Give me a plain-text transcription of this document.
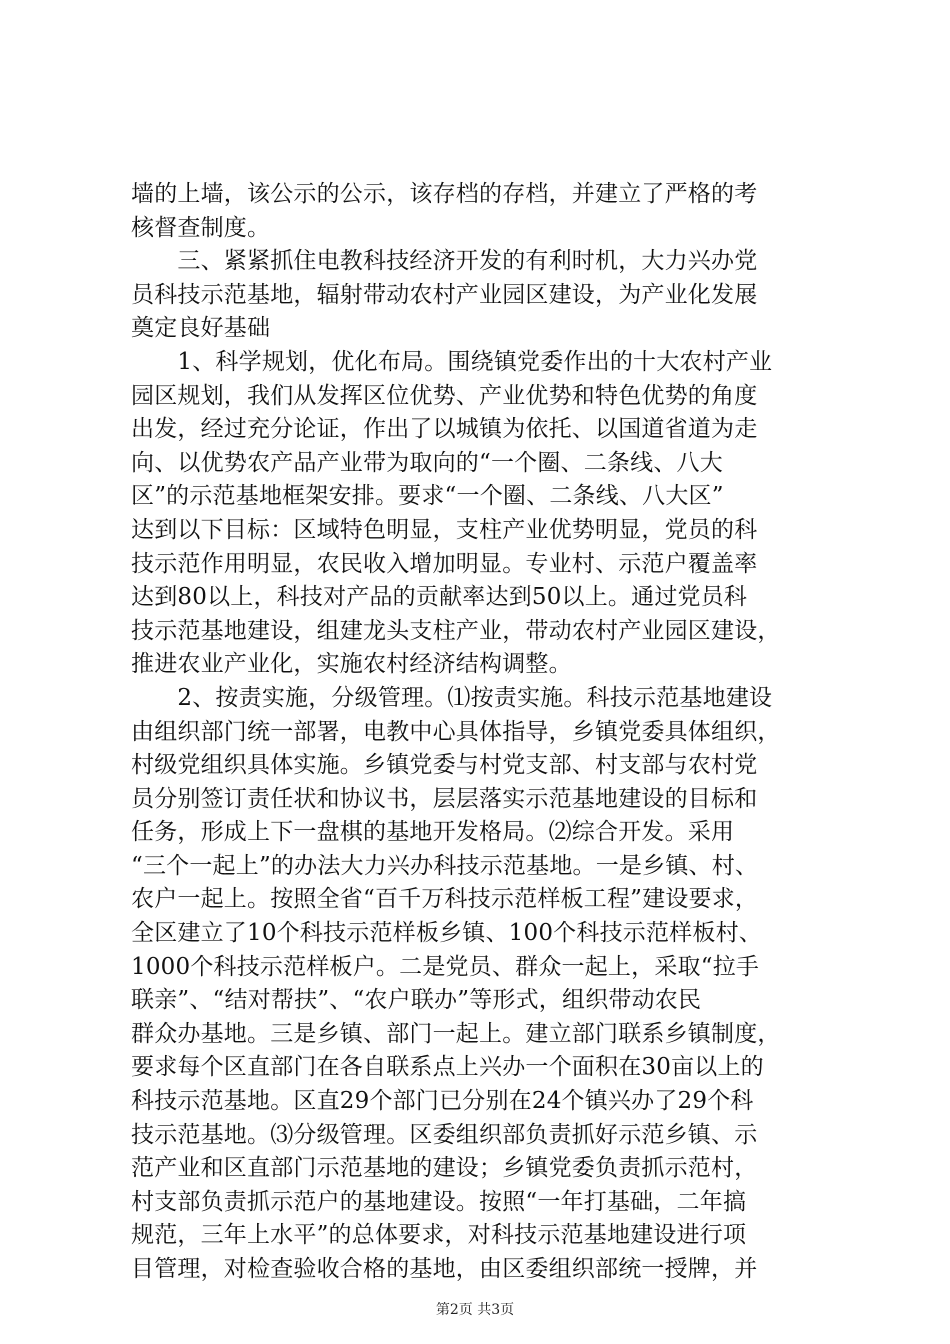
墙的上墙，该公示的公示，该存档的存档，并建立了严格的考
核督查制度。
　　三、紧紧抓住电教科技经济开发的有利时机，大力兴办党
员科技示范基地，辐射带动农村产业园区建设，为产业化发展
奠定良好基础
　　1、科学规划，优化布局。围绕镇党委作出的十大农村产业
园区规划，我们从发挥区位优势、产业优势和特色优势的角度
出发，经过充分论证，作出了以城镇为依托、以国道省道为走
向、以优势农产品产业带为取向的“一个圈、二条线、八大
区”的示范基地框架安排。要求“一个圈、二条线、八大区”
达到以下目标：区域特色明显，支柱产业优势明显，党员的科
技示范作用明显，农民收入增加明显。专业村、示范户覆盖率
达到80以上，科技对产品的贡献率达到50以上。通过党员科
技示范基地建设，组建龙头支柱产业，带动农村产业园区建设，
推进农业产业化，实施农村经济结构调整。
　　2、按责实施，分级管理。⑴按责实施。科技示范基地建设
由组织部门统一部署，电教中心具体指导，乡镇党委具体组织，
村级党组织具体实施。乡镇党委与村党支部、村支部与农村党
员分别签订责任状和协议书，层层落实示范基地建设的目标和
任务，形成上下一盘棋的基地开发格局。⑵综合开发。采用
“三个一起上”的办法大力兴办科技示范基地。一是乡镇、村、
农户一起上。按照全省“百千万科技示范样板工程”建设要求，
全区建立了10个科技示范样板乡镇、100个科技示范样板村、
1000个科技示范样板户。二是党员、群众一起上，采取“拉手
联亲”、“结对帮扶”、“农户联办”等形式，组织带动农民
群众办基地。三是乡镇、部门一起上。建立部门联系乡镇制度，
要求每个区直部门在各自联系点上兴办一个面积在30亩以上的
科技示范基地。区直29个部门已分别在24个镇兴办了29个科
技示范基地。⑶分级管理。区委组织部负责抓好示范乡镇、示
范产业和区直部门示范基地的建设；乡镇党委负责抓示范村，
村支部负责抓示范户的基地建设。按照“一年打基础，二年搞
规范，三年上水平”的总体要求，对科技示范基地建设进行项
目管理，对检查验收合格的基地，由区委组织部统一授牌，并
第2页 共3页
